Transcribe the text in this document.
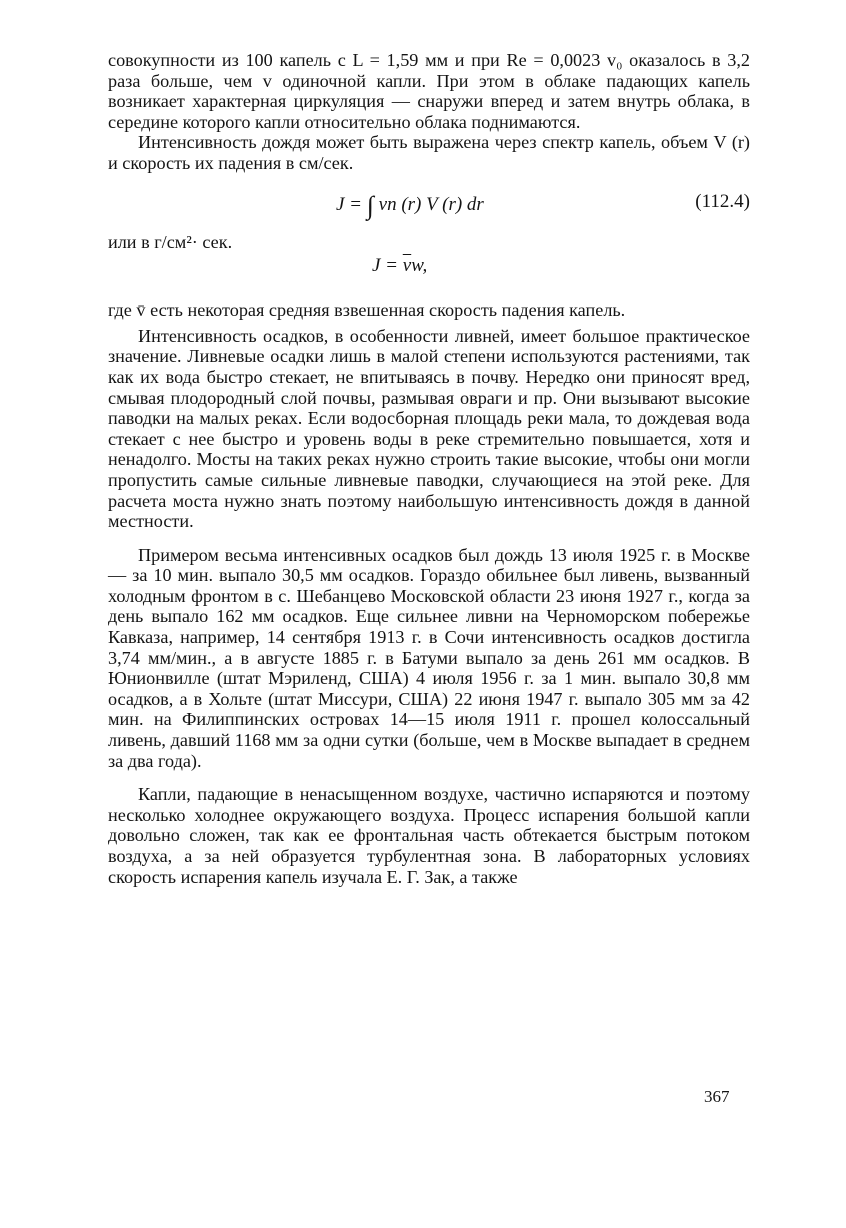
совокупности из 100 капель с L = 1,59 мм и при Re = 0,0023 v₀ оказалось в 3,2 раза больше, чем v одиночной капли. При этом в облаке падающих капель возникает характерная циркуляция — снаружи вперед и затем внутрь облака, в середине которого капли относительно облака поднимаются.

Интенсивность дождя может быть выражена через спектр капель, объем V (r) и скорость их падения в см/сек.

J = ∫ vn (r) V (r) dr	(112.4)

или в г/см²· сек.

$J = \overline{v}w$,

где v̄ есть некоторая средняя взвешенная скорость падения капель.

Интенсивность осадков, в особенности ливней, имеет большое практическое значение. Ливневые осадки лишь в малой степени используются растениями, так как их вода быстро стекает, не впитываясь в почву. Нередко они приносят вред, смывая плодородный слой почвы, размывая овраги и пр. Они вызывают высокие паводки на малых реках. Если водосборная площадь реки мала, то дождевая вода стекает с нее быстро и уровень воды в реке стремительно повышается, хотя и ненадолго. Мосты на таких реках нужно строить такие высокие, чтобы они могли пропустить самые сильные ливневые паводки, случающиеся на этой реке. Для расчета моста нужно знать поэтому наибольшую интенсивность дождя в данной местности.

Примером весьма интенсивных осадков был дождь 13 июля 1925 г. в Москве — за 10 мин. выпало 30,5 мм осадков. Гораздо обильнее был ливень, вызванный холодным фронтом в с. Шебанцево Московской области 23 июня 1927 г., когда за день выпало 162 мм осадков. Еще сильнее ливни на Черноморском побережье Кавказа, например, 14 сентября 1913 г. в Сочи интенсивность осадков достигла 3,74 мм/мин., а в августе 1885 г. в Батуми выпало за день 261 мм осадков. В Юнионвилле (штат Мэриленд, США) 4 июля 1956 г. за 1 мин. выпало 30,8 мм осадков, а в Хольте (штат Миссури, США) 22 июня 1947 г. выпало 305 мм за 42 мин. на Филиппинских островах 14—15 июля 1911 г. прошел колоссальный ливень, давший 1168 мм за одни сутки (больше, чем в Москве выпадает в среднем за два года).

Капли, падающие в ненасыщенном воздухе, частично испаряются и поэтому несколько холоднее окружающего воздуха. Процесс испарения большой капли довольно сложен, так как ее фронтальная часть обтекается быстрым потоком воздуха, а за ней образуется турбулентная зона. В лабораторных условиях скорость испарения капель изучала Е. Г. Зак, а также

367
